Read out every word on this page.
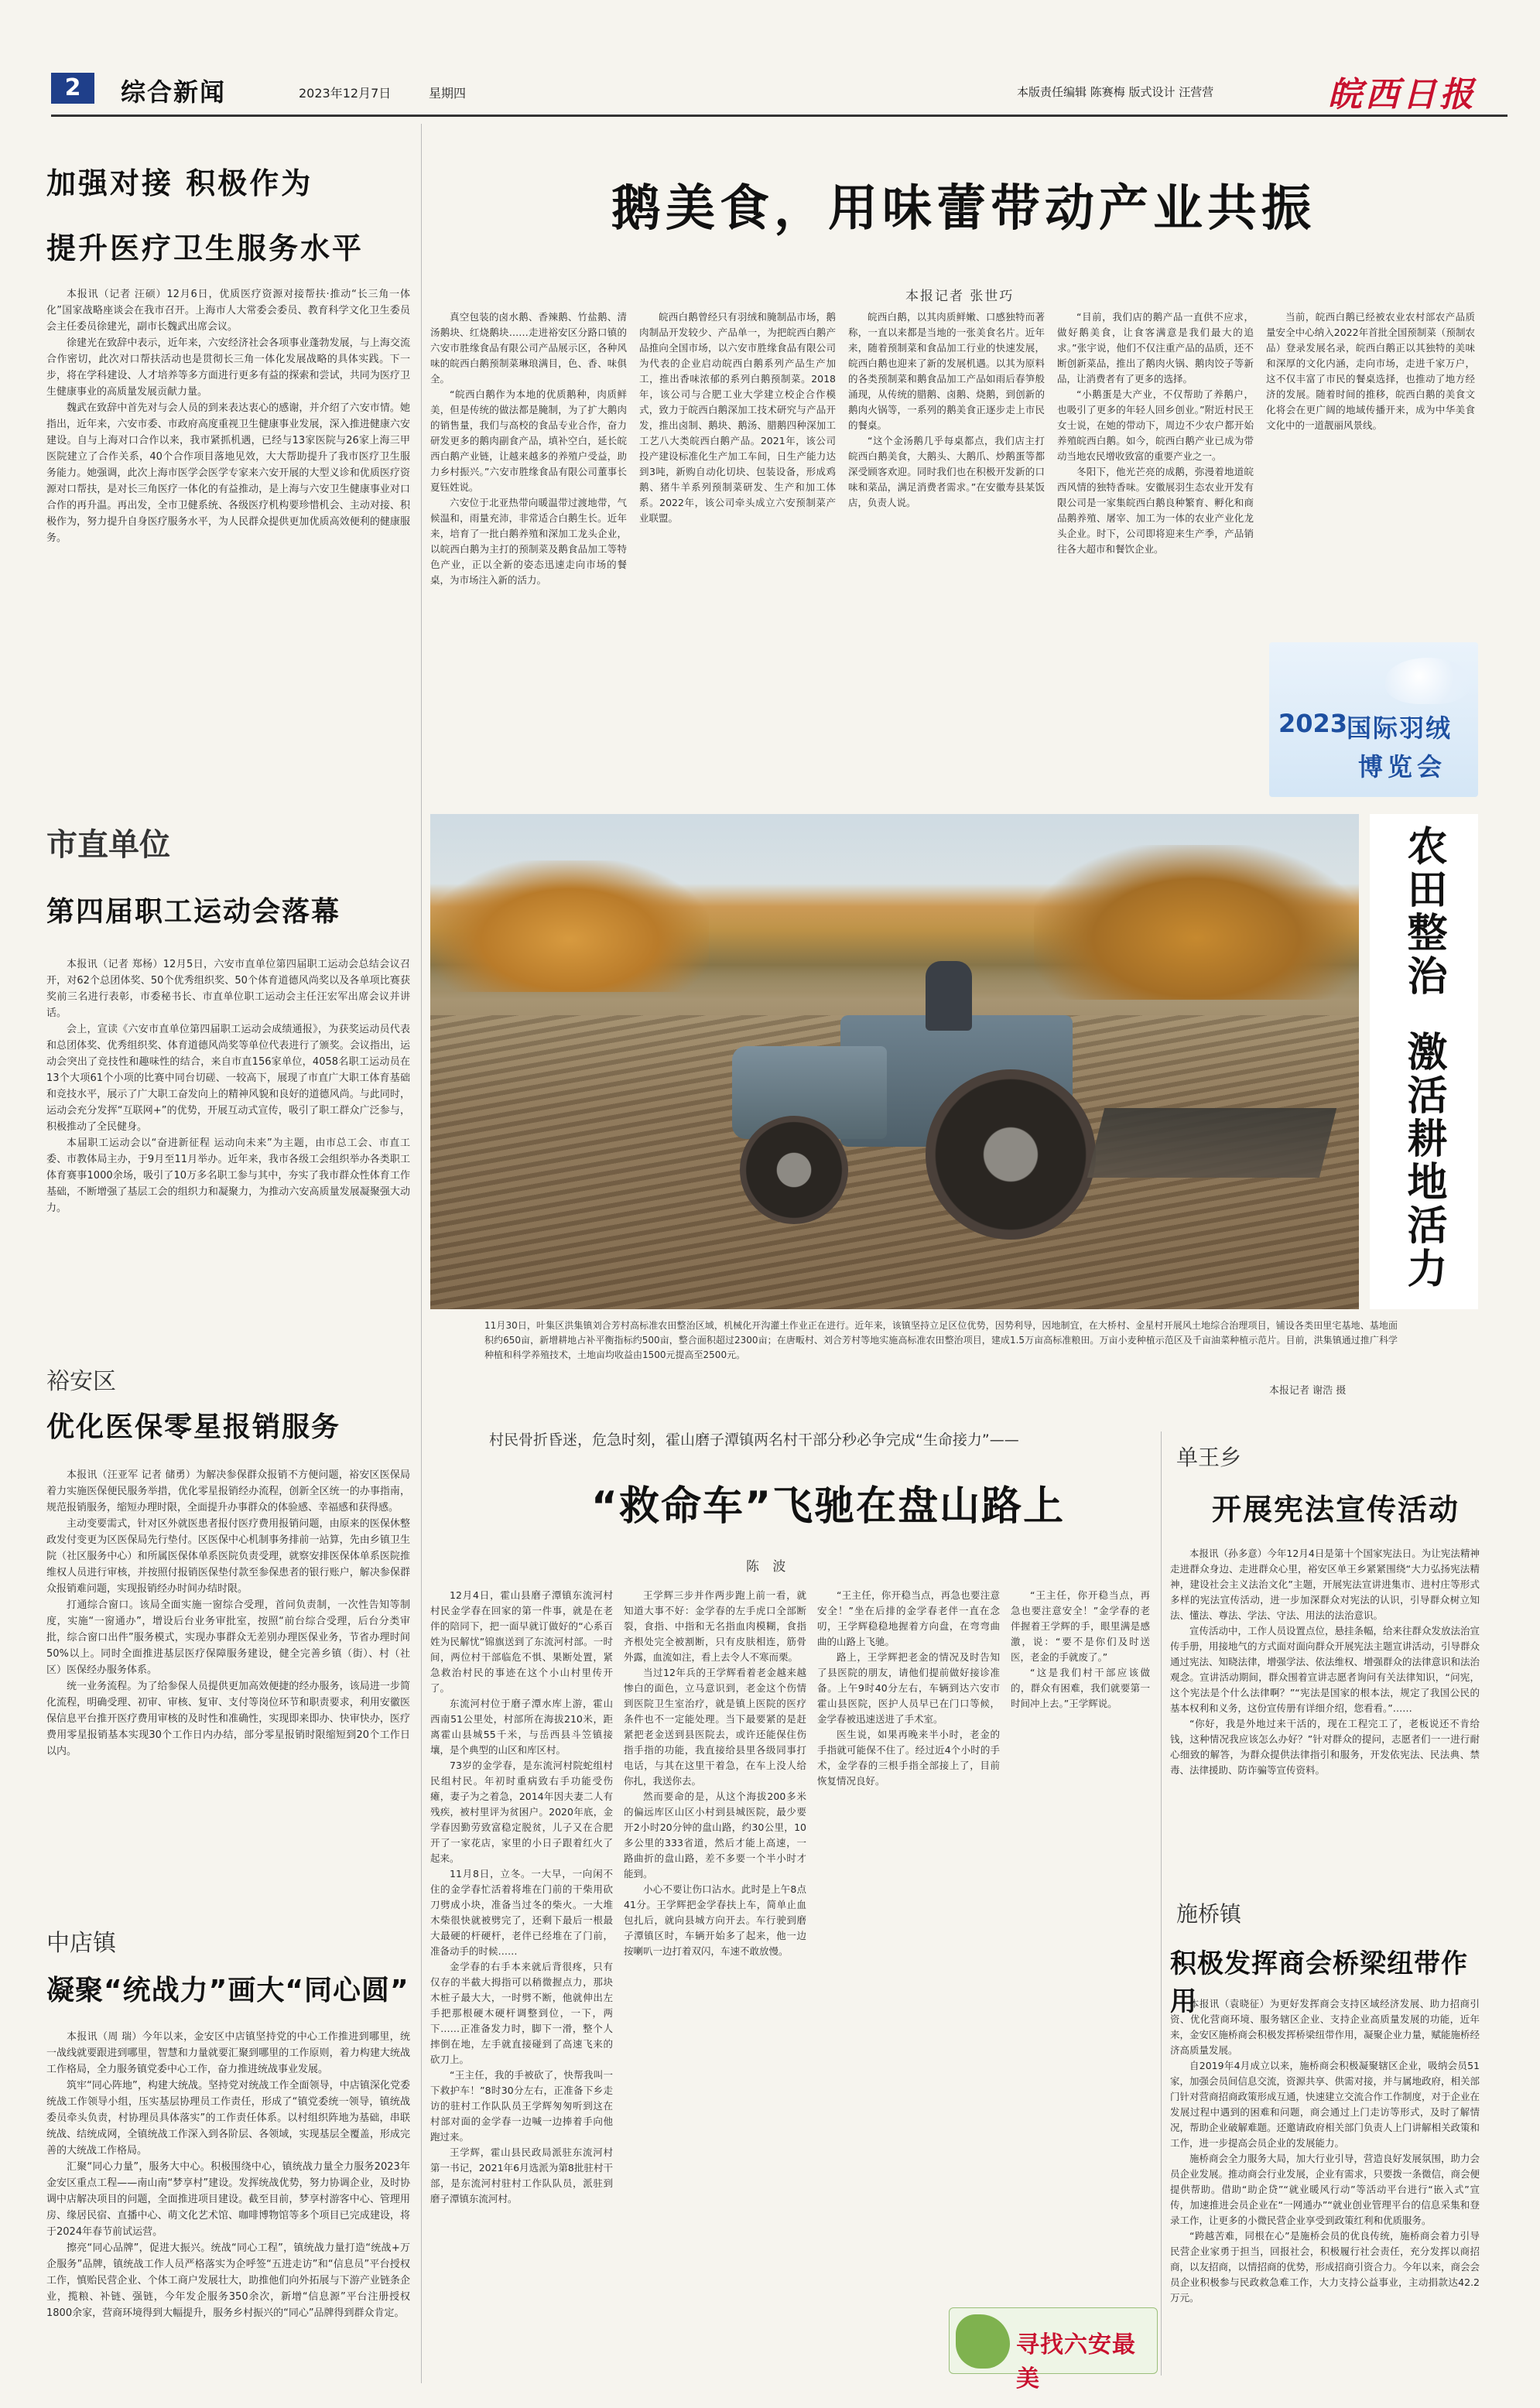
2	综合新闻	2023年12月7日	星期四	本版责任编辑 陈赛梅 版式设计 汪营营	皖西日报
加强对接 积极作为
提升医疗卫生服务水平

本报讯（记者 汪硕）12月6日，优质医疗资源对接帮扶·推动“长三角一体化”国家战略座谈会在我市召开。上海市人大常委会委员、教育科学文化卫生委员会主任委员徐建光，副市长魏武出席会议。

徐建光在致辞中表示，近年来，六安经济社会各项事业蓬勃发展，与上海交流合作密切，此次对口帮扶活动也是贯彻长三角一体化发展战略的具体实践。下一步，将在学科建设、人才培养等多方面进行更多有益的探索和尝试，共同为医疗卫生健康事业的高质量发展贡献力量。

魏武在致辞中首先对与会人员的到来表达衷心的感谢，并介绍了六安市情。她指出，近年来，六安市委、市政府高度重视卫生健康事业发展，深入推进健康六安建设。自与上海对口合作以来，我市紧抓机遇，已经与13家医院与26家上海三甲医院建立了合作关系，40个合作项目落地见效，大大帮助提升了我市医疗卫生服务能力。她强调，此次上海市医学会医学专家来六安开展的大型义诊和优质医疗资源对口帮扶，是对长三角医疗一体化的有益推动，是上海与六安卫生健康事业对口合作的再升温。再出发，全市卫健系统、各级医疗机构要珍惜机会、主动对接、积极作为，努力提升自身医疗服务水平，为人民群众提供更加优质高效便利的健康服务。

市直单位
第四届职工运动会落幕

本报讯（记者 郑杨）12月5日，六安市直单位第四届职工运动会总结会议召开，对62个总团体奖、50个优秀组织奖、50个体育道德风尚奖以及各单项比赛获奖前三名进行表彰，市委秘书长、市直单位职工运动会主任汪宏军出席会议并讲话。

会上，宣读《六安市直单位第四届职工运动会成绩通报》，为获奖运动员代表和总团体奖、优秀组织奖、体育道德风尚奖等单位代表进行了颁奖。会议指出，运动会突出了竞技性和趣味性的结合，来自市直156家单位，4058名职工运动员在13个大项61个小项的比赛中同台切磋、一较高下，展现了市直广大职工体育基础和竞技水平，展示了广大职工奋发向上的精神风貌和良好的道德风尚。与此同时，运动会充分发挥“互联网+”的优势，开展互动式宣传，吸引了职工群众广泛参与，积极推动了全民健身。

本届职工运动会以“奋进新征程 运动向未来”为主题，由市总工会、市直工委、市教体局主办，于9月至11月举办。近年来，我市各级工会组织举办各类职工体育赛事1000余场，吸引了10万多名职工参与其中，夯实了我市群众性体育工作基础，不断增强了基层工会的组织力和凝聚力，为推动六安高质量发展凝聚强大动力。

裕安区
优化医保零星报销服务

本报讯（汪亚军 记者 储勇）为解决参保群众报销不方便问题，裕安区医保局着力实施医保便民服务举措，优化零星报销经办流程，创新全区统一的办事指南，规范报销服务，缩短办理时限，全面提升办事群众的体验感、幸福感和获得感。

主动变要需式，针对区外就医患者报付医疗费用报销问题，由原来的医保休整政发付变更为区医保局先行垫付。区医保中心机制事务排前一站算，先由乡镇卫生院（社区服务中心）和所属医保体单系医院负责受理，就察安排医保体单系医院推维权人员进行审核，并按照付报销医保垫付款至参保患者的银行账户，解决参保群众报销难问题，实现报销经办时间办结时限。

打通综合窗口。该局全面实施一窗综合受理，首问负责制，一次性告知等制度，实施“一窗通办”，增设后台业务审批室，按照“前台综合受理，后台分类审批，综合窗口出件”服务模式，实现办事群众无差别办理医保业务，节省办理时间50%以上。同时全面推进基层医疗保障服务建设，健全完善乡镇（街）、村（社区）医保经办服务体系。

统一业务流程。为了给参保人员提供更加高效便捷的经办服务，该局进一步简化流程，明确受理、初审、审核、复审、支付等岗位环节和职责要求，利用安徽医保信息平台推开医疗费用审核的及时性和准确性，实现即来即办、快审快办，医疗费用零星报销基本实现30个工作日内办结，部分零星报销时限缩短到20个工作日以内。

中店镇
凝聚“统战力”画大“同心圆”

本报讯（周 瑞）今年以来，金安区中店镇坚持党的中心工作推进到哪里，统一战线就要跟进到哪里，智慧和力量就要汇聚到哪里的工作原则，着力构建大统战工作格局，全力服务镇党委中心工作，奋力推进统战事业发展。

筑牢“同心阵地”，构建大统战。坚持党对统战工作全面领导，中店镇深化党委统战工作领导小组，压实基层协理员工作责任，形成了“镇党委统一领导，镇统战委员牵头负责，村协理员具体落实”的工作责任体系。以村组织阵地为基础，串联统战、结统成网，全镇统战工作深入到各阶层、各领域，实现基层全覆盖，形成完善的大统战工作格局。

汇聚“同心力量”，服务大中心。积极围绕中心，镇统战力量全力服务2023年金安区重点工程——南山南“梦享村”建设。发挥统战优势，努力协调企业，及时协调中店解决项目的问题，全面推进项目建设。截至目前，梦享村游客中心、管理用房、缘居民宿、直播中心、萌文化艺术馆、咖啡博物馆等多个项目已完成建设，将于2024年春节前试运营。

擦亮“同心品牌”，促进大振兴。统战“同心工程”，镇统战力量打造“统战+万企服务”品牌，镇统战工作人员严格落实为企呼签“五进走访”和“信息员”平台授权工作，慎贻民营企业、个体工商户发展壮大，助推他们向外拓展与下游产业链条企业，揽粮、补链、强链，今年发企服务350余次，新增“信息源”平台注册授权1800余家，营商环境得到大幅提升，服务乡村振兴的“同心”品牌得到群众肯定。

鹅美食，用味蕾带动产业共振
本报记者 张世巧

真空包装的卤水鹅、香辣鹅、竹盐鹅、清汤鹅块、红烧鹅块……走进裕安区分路口镇的六安市胜缘食品有限公司产品展示区，各种风味的皖西白鹅预制菜琳琅满目，色、香、味俱全。

“皖西白鹅作为本地的优质鹅种，肉质鲜美，但是传统的做法都是腌制，为了扩大鹅肉的销售量，我们与高校的食品专业合作，奋力研发更多的鹅肉副食产品，填补空白，延长皖西白鹅产业链，让越来越多的养殖户受益，助力乡村振兴。”六安市胜缘食品有限公司董事长夏钰姓说。

六安位于北亚热带向暖温带过渡地带，气候温和，雨量充沛，非常适合白鹅生长。近年来，培育了一批白鹅养殖和深加工龙头企业，以皖西白鹅为主打的预制菜及鹅食品加工等特色产业，正以全新的姿态迅速走向市场的餐桌，为市场注入新的活力。

皖西白鹅曾经只有羽绒和腌制品市场，鹅肉制品开发较少、产品单一，为把皖西白鹅产品推向全国市场，以六安市胜缘食品有限公司为代表的企业启动皖西白鹅系列产品生产加工，推出香味浓郁的系列白鹅预制菜。2018年，该公司与合肥工业大学建立校企合作模式，致力于皖西白鹅深加工技术研究与产品开发，推出卤制、鹅块、鹅汤、腊鹅四种深加工工艺八大类皖西白鹅产品。2021年，该公司投产建设标准化生产加工车间，日生产能力达到3吨，新购自动化切块、包装设备，形成鸡鹅、猪牛羊系列预制菜研发、生产和加工体系。2022年，该公司牵头成立六安预制菜产业联盟。

皖西白鹅，以其肉质鲜嫩、口感独特而著称，一直以来都是当地的一张美食名片。近年来，随着预制菜和食品加工行业的快速发展，皖西白鹅也迎来了新的发展机遇。以其为原料的各类预制菜和鹅食品加工产品如雨后春笋般涌现，从传统的腊鹅、卤鹅、烧鹅，到创新的鹅肉火锅等，一系列的鹅美食正逐步走上市民的餐桌。

“这个金汤鹅几乎每桌都点，我们店主打皖西白鹅美食，大鹅头、大鹅爪、炒鹅蛋等都深受顾客欢迎。同时我们也在积极开发新的口味和菜品，满足消费者需求。”在安徽寿县某饭店，负责人说。

“目前，我们店的鹅产品一直供不应求，做好鹅美食，让食客满意是我们最大的追求。”张宇说，他们不仅注重产品的品质，还不断创新菜品，推出了鹅肉火锅、鹅肉饺子等新品，让消费者有了更多的选择。

“小鹅蛋是大产业，不仅帮助了养鹅户，也吸引了更多的年轻人回乡创业。”附近村民王女士说，在她的带动下，周边不少农户都开始养殖皖西白鹅。如今，皖西白鹅产业已成为带动当地农民增收致富的重要产业之一。

冬阳下，他光芒亮的成鹅，弥漫着地道皖西风情的独特香味。安徽展羽生态农业开发有限公司是一家集皖西白鹅良种繁育、孵化和商品鹅养殖、屠宰、加工为一体的农业产业化龙头企业。时下，公司即将迎来生产季，产品销往各大超市和餐饮企业。

当前，皖西白鹅已经被农业农村部农产品质量安全中心纳入2022年首批全国预制菜（预制农品）登录发展名录，皖西白鹅正以其独特的美味和深厚的文化内涵，走向市场，走进千家万户，这不仅丰富了市民的餐桌选择，也推动了地方经济的发展。随着时间的推移，皖西白鹅的美食文化将会在更广阔的地域传播开来，成为中华美食文化中的一道靓丽风景线。

2023
国际羽绒
博览会
农田整治
激活耕地活力
11月30日，叶集区洪集镇刘合芳村高标准农田整治区域，机械化开沟灌土作业正在进行。近年来，该镇坚持立足区位优势，因势利导，因地制宜，在大桥村、金星村开展风土地综合治理项目，铺设各类田里宅基地、基地面积约650亩，新增耕地占补平衡指标约500亩，整合面积超过2300亩；在唐畈村、刘合芳村等地实施高标准农田整治项目，建成1.5万亩高标准粮田。万亩小麦种植示范区及千亩油菜种植示范片。目前，洪集镇通过推广科学种植和科学养殖技术，土地亩均收益由1500元提高至2500元。
本报记者 谢浩 摄
村民骨折昏迷，危急时刻，霍山磨子潭镇两名村干部分秒必争完成“生命接力”——
“救命车”飞驰在盘山路上
陈 波

12月4日，霍山县磨子潭镇东流河村村民金学春在回家的第一件事，就是在老伴的陪同下，把一面早就订做好的“心系百姓为民解忧”锦旗送到了东流河村部。一时间，两位村干部临危不惧、果断处置，紧急救治村民的事迹在这个小山村里传开了。

东流河村位于磨子潭水库上游，霍山西南51公里处，村部所在海拔210米，距离霍山县城55千米，与岳西县斗笠镇接壤，是个典型的山区和库区村。

73岁的金学春，是东流河村院蛇组村民组村民。年初时重病致右手功能受伤瘫，妻子为之着急，2014年因夫妻二人有残疾，被村里评为贫困户。2020年底，金学春因勤劳致富稳定脱贫，儿子又在合肥开了一家花店，家里的小日子跟着红火了起来。

11月8日，立冬。一大早，一向闲不住的金学春忙活着将堆在门前的干柴用砍刀劈成小块，准备当过冬的柴火。一大堆木柴很快就被劈完了，还剩下最后一根最大最硬的杆硬杆，老伴已经堆在了门前，准备动手的时候……

金学春的右手本来就后背很疼，只有仅存的半截大拇指可以稍微握点力，那块木桩子最大大，一时劈不断，他就伸出左手把那根硬木硬杆调整到位，一下，两下……正准备发力时，脚下一滑，整个人摔倒在地，左手就直接碰到了高速飞来的砍刀上。

“王主任，我的手被砍了，快帮我叫一下救护车！”8时30分左右，正准备下乡走访的驻村工作队队员王学辉匆匆听到这在村部对面的金学春一边喊一边捧着手向他跑过来。

王学辉，霍山县民政局派驻东流河村第一书记，2021年6月选派为第8批驻村干部，是东流河村驻村工作队队员，派驻到磨子潭镇东流河村。

王学辉三步并作两步跑上前一看，就知道大事不好：金学春的左手虎口全部断裂，食指、中指和无名指血肉模糊，食指齐根处完全被割断，只有皮肤相连，筋骨外露，血流如注，看上去令人不寒而栗。

当过12年兵的王学辉看着老金越来越惨白的面色，立马意识到，老金这个伤情到医院卫生室治疗，就是镇上医院的医疗条件也不一定能处理。当下最要紧的是赶紧把老金送到县医院去，或许还能保住伤指手指的功能，我直接给县里各级同事打电话，与其在这里干着急，在车上没人给你扎，我送你去。

然而要命的是，从这个海拔200多米的偏远库区山区小村到县城医院，最少要开2小时20分钟的盘山路，约30公里，10多公里的333省道，然后才能上高速，一路曲折的盘山路，差不多要一个半小时才能到。

小心不要让伤口沾水。此时是上午8点41分。王学辉把金学春扶上车，简单止血包扎后，就向县城方向开去。车行驶到磨子潭镇区时，车辆开始多了起来，他一边按喇叭一边打着双闪，车速不敢放慢。

“王主任，你开稳当点，再急也要注意安全！”坐在后排的金学春老伴一直在念叨，王学辉稳稳地握着方向盘，在弯弯曲曲的山路上飞驰。

路上，王学辉把老金的情况及时告知了县医院的朋友，请他们提前做好接诊准备。上午9时40分左右，车辆到达六安市霍山县医院，医护人员早已在门口等候，金学春被迅速送进了手术室。

医生说，如果再晚来半小时，老金的手指就可能保不住了。经过近4个小时的手术，金学春的三根手指全部接上了，目前恢复情况良好。

“王主任，你开稳当点，再急也要注意安全！”金学春的老伴握着王学辉的手，眼里满是感激，说：“要不是你们及时送医，老金的手就废了。”

“这是我们村干部应该做的，群众有困难，我们就要第一时间冲上去。”王学辉说。

寻找六安最美
单王乡
开展宪法宣传活动

本报讯（孙多意）今年12月4日是第十个国家宪法日。为让宪法精神走进群众身边、走进群众心里，裕安区单王乡紧紧围绕“大力弘扬宪法精神，建设社会主义法治文化”主题，开展宪法宣讲进集市、进村庄等形式多样的宪法宣传活动，进一步加深群众对宪法的认识，引导群众树立知法、懂法、尊法、学法、守法、用法的法治意识。

宣传活动中，工作人员设置点位，悬挂条幅，给来往群众发放法治宣传手册，用接地气的方式面对面向群众开展宪法主题宣讲活动，引导群众通过宪法、知晓法律，增强学法、依法维权、增强群众的法律意识和法治观念。宣讲活动期间，群众围着宣讲志愿者询问有关法律知识，“问宪，这个宪法是个什么法律啊？”“宪法是国家的根本法，规定了我国公民的基本权利和义务，这份宣传册有详细介绍，您看看。”……

“你好，我是外地过来干活的，现在工程完工了，老板说还不肯给钱，这种情况我应该怎么办好？”针对群众的提问，志愿者们一一进行耐心细致的解答，为群众提供法律指引和服务，开发依宪法、民法典、禁毒、法律援助、防诈骗等宣传资料。

施桥镇
积极发挥商会桥梁纽带作用

本报讯（袁晓征）为更好发挥商会支持区域经济发展、助力招商引资、优化营商环境、服务辖区企业、支持企业高质量发展的功能，近年来，金安区施桥商会积极发挥桥梁纽带作用，凝聚企业力量，赋能施桥经济高质量发展。

自2019年4月成立以来，施桥商会积极凝聚辖区企业，吸纳会员51家，加强会员间信息交流，资源共享、供需对接，并与属地政府，相关部门针对营商招商政策形成互通，快速建立交流合作工作制度，对于企业在发展过程中遇到的困难和问题，商会通过上门走访等形式，及时了解情况，帮助企业破解难题。还邀请政府相关部门负责人上门讲解相关政策和工作，进一步提高会员企业的发展能力。

施桥商会全力服务大局，加大行业引导，营造良好发展氛围，助力会员企业发展。推动商会行业发展，企业有需求，只要拨一条微信，商会便提供帮助。借助“助企贷”“就业暖风行动”等活动平台进行“嵌入式”宣传，加速推进会员企业在“一网通办”“就业创业管理平台的信息采集和登录工作，让更多的小微民营企业享受到政策红利和优质服务。

“跨越苦难，同根在心”是施桥会员的优良传统，施桥商会着力引导民营企业家勇于担当，回报社会，积极履行社会责任，充分发挥以商招商，以友招商，以情招商的优势，形成招商引资合力。今年以来，商会会员企业积极参与民政救急难工作，大力支持公益事业，主动捐款达42.2万元。
